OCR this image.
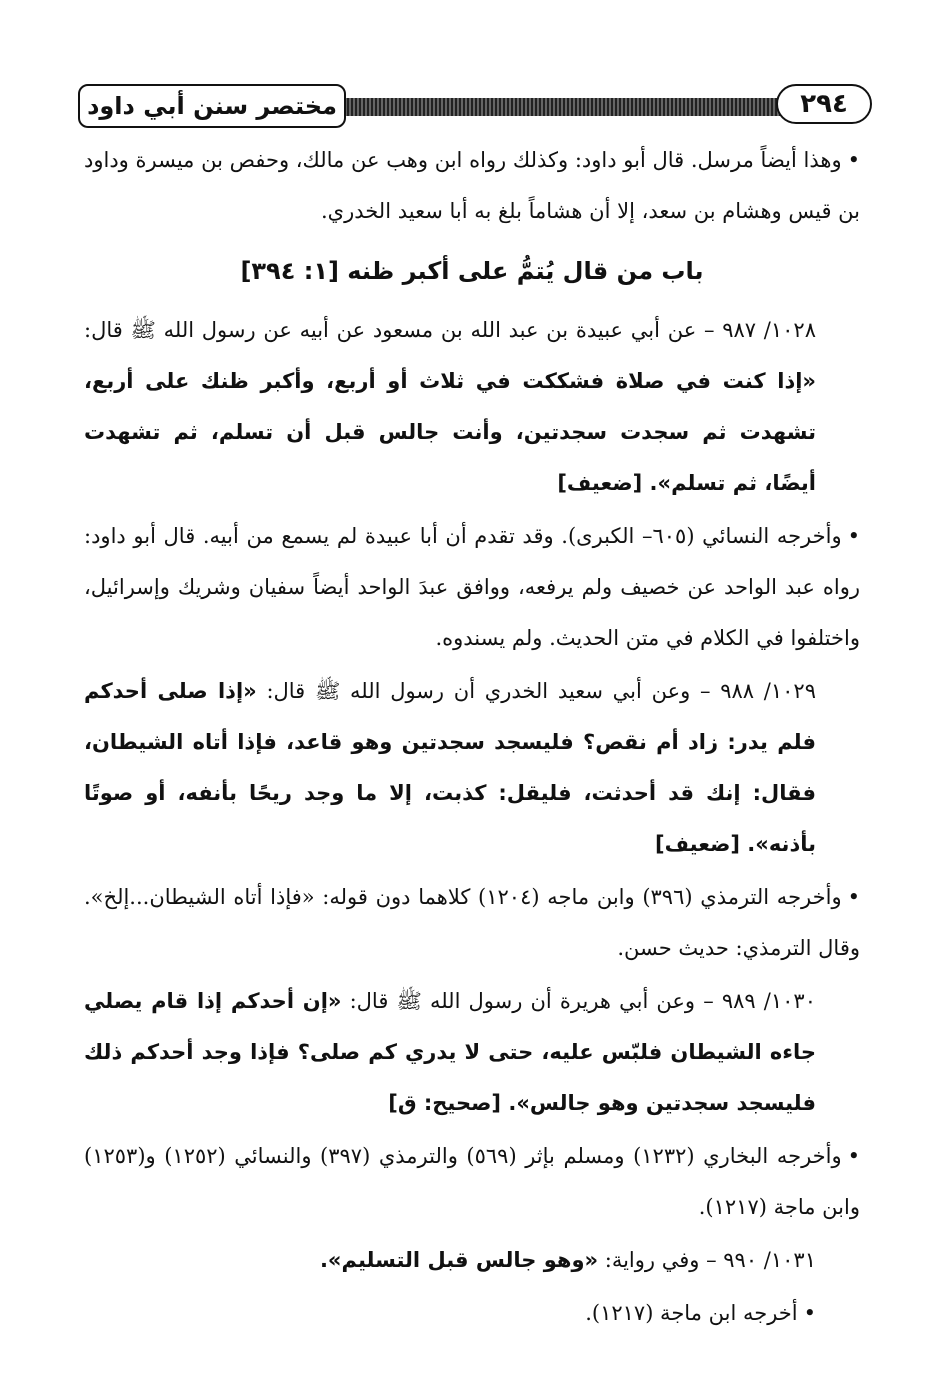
مختصر سنن أبي داود	٢٩٤

•وهذا أيضاً مرسل. قال أبو داود: وكذلك رواه ابن وهب عن مالك، وحفص بن ميسرة وداود بن قيس وهشام بن سعد، إلا أن هشاماً بلغ به أبا سعيد الخدري.

باب من قال يُتمُّ على أكبر ظنه [١: ٣٩٤]

١٠٢٨/ ٩٨٧ – عن أبي عبيدة بن عبد الله بن مسعود عن أبيه عن رسول الله ﷺ قال: «إذا كنت في صلاة فشككت في ثلاث أو أربع، وأكبر ظنك على أربع، تشهدت ثم سجدت سجدتين، وأنت جالس قبل أن تسلم، ثم تشهدت أيضًا، ثم تسلم». [ضعيف]

•وأخرجه النسائي (٦٠٥– الكبرى). وقد تقدم أن أبا عبيدة لم يسمع من أبيه. قال أبو داود: رواه عبد الواحد عن خصيف ولم يرفعه، ووافق عبدَ الواحد أيضاً سفيان وشريك وإسرائيل، واختلفوا في الكلام في متن الحديث. ولم يسندوه.

١٠٢٩/ ٩٨٨ – وعن أبي سعيد الخدري أن رسول الله ﷺ قال: «إذا صلى أحدكم فلم يدر: زاد أم نقص؟ فليسجد سجدتين وهو قاعد، فإذا أتاه الشيطان، فقال: إنك قد أحدثت، فليقل: كذبت، إلا ما وجد ريحًا بأنفه، أو صوتًا بأذنه». [ضعيف]

•وأخرجه الترمذي (٣٩٦) وابن ماجه (١٢٠٤) كلاهما دون قوله: «فإذا أتاه الشيطان...إلخ». وقال الترمذي: حديث حسن.

١٠٣٠/ ٩٨٩ – وعن أبي هريرة أن رسول الله ﷺ قال: «إن أحدكم إذا قام يصلي جاءه الشيطان فلبّس عليه، حتى لا يدري كم صلى؟ فإذا وجد أحدكم ذلك فليسجد سجدتين وهو جالس». [صحيح: ق]

•وأخرجه البخاري (١٢٣٢) ومسلم بإثر (٥٦٩) والترمذي (٣٩٧) والنسائي (١٢٥٢) و(١٢٥٣) وابن ماجة (١٢١٧).

١٠٣١/ ٩٩٠ – وفي رواية: «وهو جالس قبل التسليم».

•أخرجه ابن ماجة (١٢١٧).
